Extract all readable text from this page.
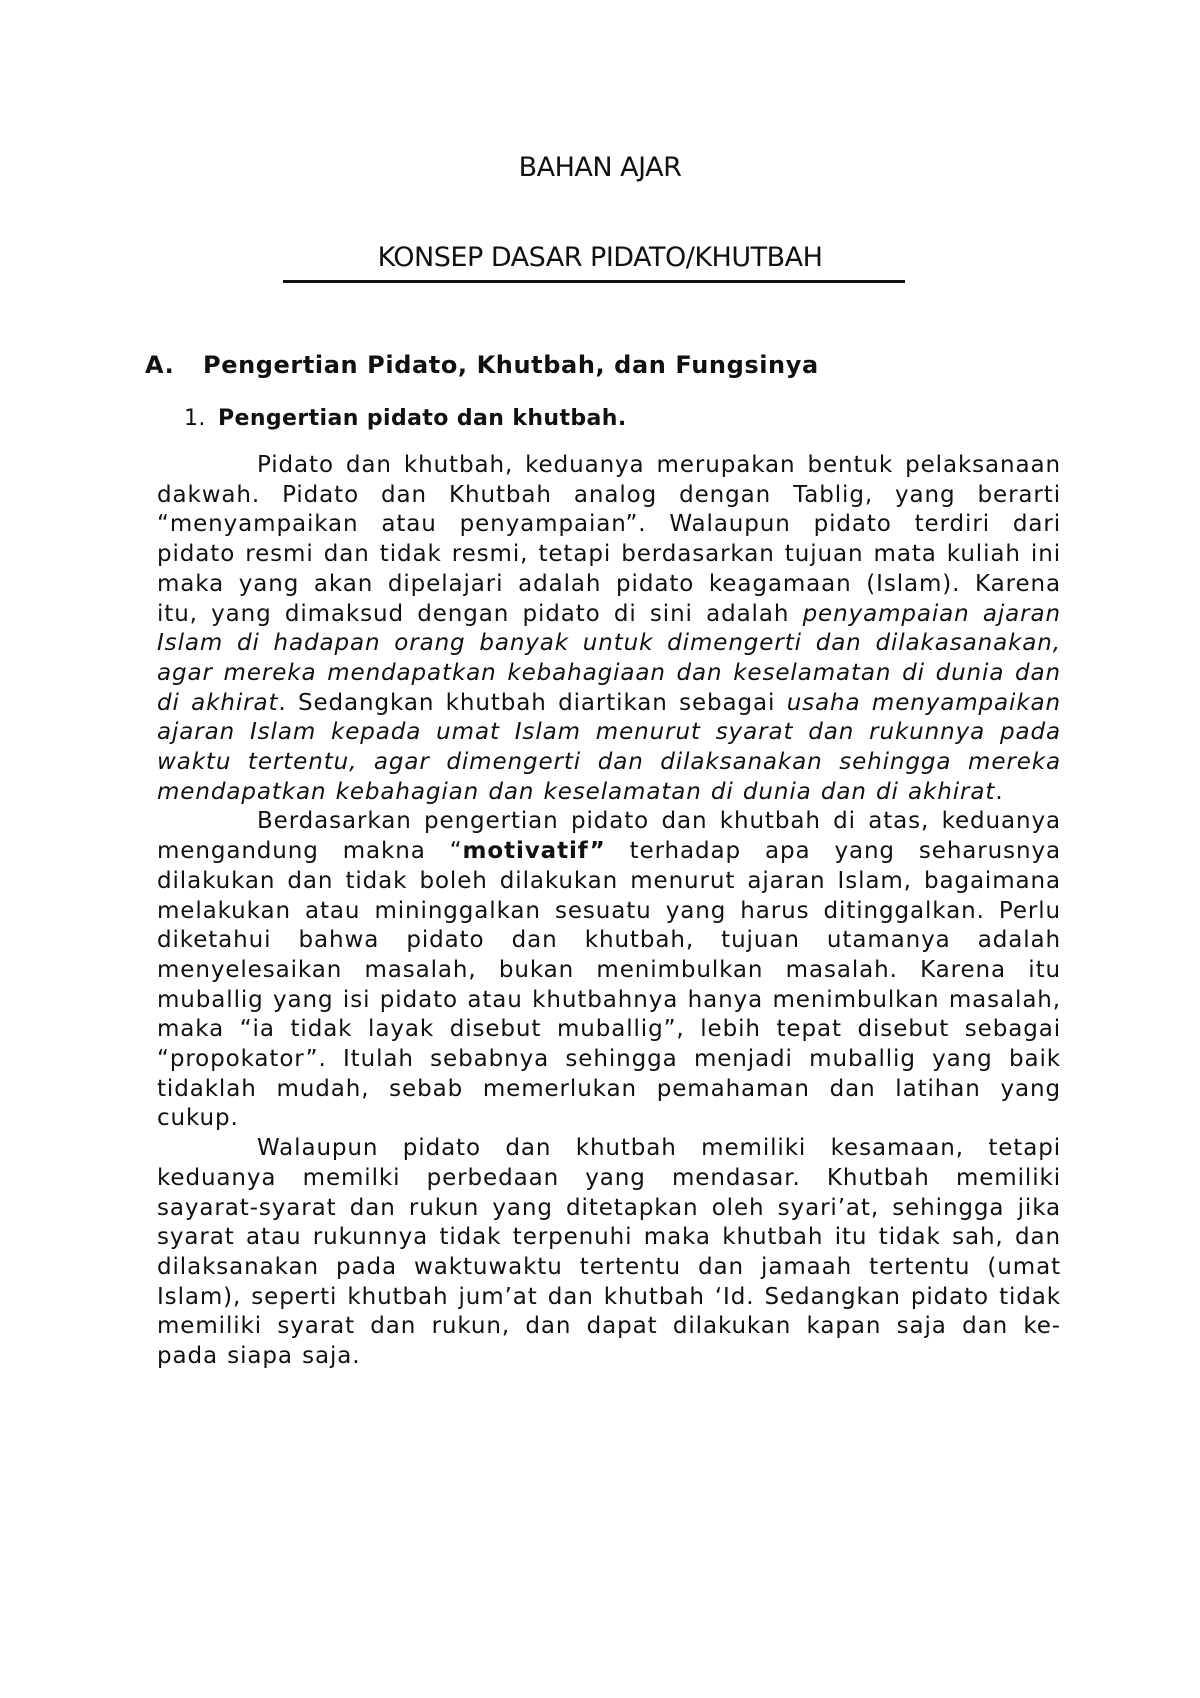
BAHAN AJAR
KONSEP DASAR PIDATO/KHUTBAH
A. Pengertian Pidato, Khutbah, dan Fungsinya
1. Pengertian pidato dan khutbah.

Pidato dan khutbah, keduanya merupakan bentuk pelaksanaan dakwah. Pidato dan Khutbah analog dengan Tablig, yang berarti “menyampaikan atau penyampaian”. Walaupun pidato terdiri dari pidato resmi dan tidak resmi, tetapi berdasarkan tujuan mata kuliah ini maka yang akan dipelajari adalah pidato keagamaan (Islam). Karena itu, yang dimaksud dengan pidato di sini adalah penyampaian ajaran Islam di hadapan orang banyak untuk dimengerti dan dilakasanakan, agar mereka mendapatkan kebahagiaan dan keselamatan di dunia dan di akhirat. Sedangkan khutbah diartikan sebagai usaha menyampaikan ajaran Islam kepada umat Islam menurut syarat dan rukunnya pada waktu tertentu, agar dimengerti dan dilaksanakan sehingga mereka mendapatkan kebahagian dan keselamatan di dunia dan di akhirat.

Berdasarkan pengertian pidato dan khutbah di atas, keduanya mengandung makna “motivatif” terhadap apa yang seharusnya dilakukan dan tidak boleh dilakukan menurut ajaran Islam, bagaimana melakukan atau mininggalkan sesuatu yang harus ditinggalkan. Perlu diketahui bahwa pidato dan khutbah, tujuan utamanya adalah menyelesaikan masalah, bukan menimbulkan masalah. Karena itu muballig yang isi pidato atau khutbahnya hanya menimbulkan masalah, maka “ia tidak layak disebut muballig”, lebih tepat disebut sebagai “propokator”. Itulah sebabnya sehingga menjadi muballig yang baik tidaklah mudah, sebab memerlukan pemahaman dan latihan yang cukup.

Walaupun pidato dan khutbah memiliki kesamaan, tetapi keduanya memilki perbedaan yang mendasar. Khutbah memiliki sayarat-syarat dan rukun yang ditetapkan oleh syari’at, sehingga jika syarat atau rukunnya tidak terpenuhi maka khutbah itu tidak sah, dan dilaksanakan pada waktuwaktu tertentu dan jamaah tertentu (umat Islam), seperti khutbah jum’at dan khutbah ‘Id. Sedangkan pidato tidak memiliki syarat dan rukun, dan dapat dilakukan kapan saja dan ke-pada siapa saja.
